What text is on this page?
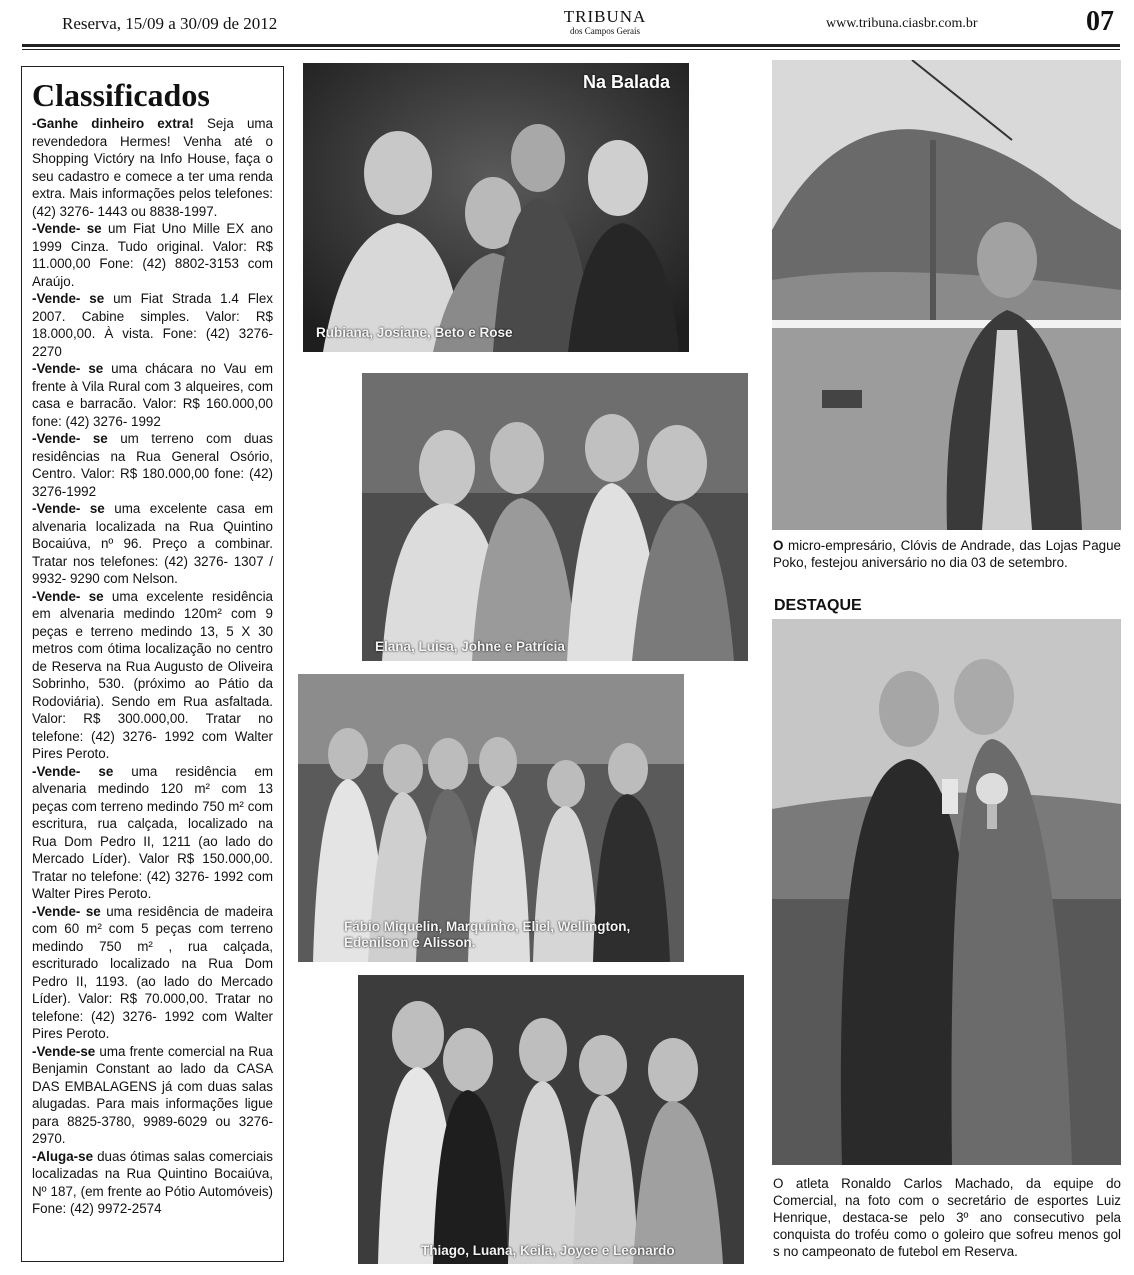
Reserva, 15/09 a 30/09 de 2012	TRIBUNA
dos Campos Gerais	www.tribuna.ciasbr.com.br	07
Classificados

-Ganhe dinheiro extra! Seja uma revendedora Hermes! Venha até o Shopping Victóry na Info House, faça o seu cadastro e comece a ter uma renda extra. Mais informações pelos telefones: (42) 3276- 1443 ou 8838-1997.

-Vende- se um Fiat Uno Mille EX ano 1999 Cinza. Tudo original. Valor: R$ 11.000,00 Fone: (42) 8802-3153 com Araújo.

-Vende- se um Fiat Strada 1.4 Flex 2007. Cabine simples. Valor: R$ 18.000,00. À vista. Fone: (42) 3276-2270

-Vende- se uma chácara no Vau em frente à Vila Rural com 3 alqueires, com casa e barracão. Valor: R$ 160.000,00 fone: (42) 3276- 1992

-Vende- se um terreno com duas residências na Rua General Osório, Centro. Valor: R$ 180.000,00 fone: (42) 3276-1992

-Vende- se uma excelente casa em alvenaria localizada na Rua Quintino Bocaiúva, nº 96. Preço a combinar. Tratar nos telefones: (42) 3276- 1307 / 9932- 9290 com Nelson.

-Vende- se uma excelente residência em alvenaria medindo 120m² com 9 peças e terreno medindo 13, 5 X 30 metros com ótima localização no centro de Reserva na Rua Augusto de Oliveira Sobrinho, 530. (próximo ao Pátio da Rodoviária). Sendo em Rua asfaltada. Valor: R$ 300.000,00. Tratar no telefone: (42) 3276- 1992 com Walter Pires Peroto.

-Vende- se uma residência em alvenaria medindo 120 m² com 13 peças com terreno medindo 750 m² com escritura, rua calçada, localizado na Rua Dom Pedro II, 1211 (ao lado do Mercado Líder). Valor R$ 150.000,00. Tratar no telefone: (42) 3276- 1992 com Walter Pires Peroto.

-Vende- se uma residência de madeira com 60 m² com 5 peças com terreno medindo 750 m² , rua calçada, escriturado localizado na Rua Dom Pedro II, 1193. (ao lado do Mercado Líder). Valor: R$ 70.000,00. Tratar no telefone: (42) 3276- 1992 com Walter Pires Peroto.

-Vende-se uma frente comercial na Rua Benjamin Constant ao lado da CASA DAS EMBALAGENS já com duas salas alugadas. Para mais informações ligue para 8825-3780, 9989-6029 ou 3276-2970.

-Aluga-se duas ótimas salas comerciais localizadas na Rua Quintino Bocaiúva, Nº 187, (em frente ao Pótio Automóveis) Fone: (42) 9972-2574

Rubiana, Josiane, Beto e Rose
Na Balada
Elana, Luisa, Johne e Patrícia
Fábio Miquelin, Marquinho, Eliel, Wellington, Edenilson e Alisson.
Thiago, Luana, Keila, Joyce e Leonardo
O micro-empresário, Clóvis de Andrade, das Lojas Pague Poko, festejou aniversário no dia 03 de setembro.
DESTAQUE
O atleta Ronaldo Carlos Machado, da equipe do Comercial, na foto com o secretário de esportes Luiz Henrique, destaca-se pelo 3º ano consecutivo pela conquista do troféu como o goleiro que sofreu menos gol s no campeonato de futebol em Reserva.
